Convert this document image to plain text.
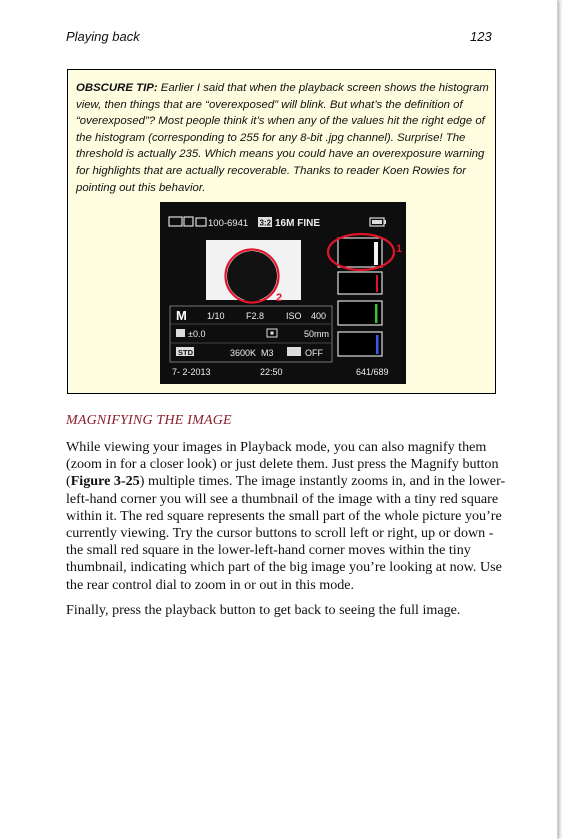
Playing back	123

OBSCURE TIP: Earlier I said that when the playback screen shows the histogram view, then things that are “overexposed” will blink. But what’s the definition of “overexposed”? Most people think it’s when any of the values hit the right edge of the histogram (corresponding to 255 for any 8-bit .jpg channel). Surprise! The threshold is actually 235. Which means you could have an overexposure warning for highlights that are actually recoverable. Thanks to reader Koen Rowies for pointing out this behavior.

100-6941 3:2 16M FINE
2
1
M 1/10 F2.8 ISO 400
±0.0	50mm
STD	3600K M3	OFF
7- 2-2013	22:50	641/689
MAGNIFYING THE IMAGE

While viewing your images in Playback mode, you can also magnify them (zoom in for a closer look) or just delete them. Just press the Magnify button (Figure 3-25) multiple times. The image instantly zooms in, and in the lower-left-hand corner you will see a thumbnail of the image with a tiny red square within it. The red square represents the small part of the whole picture you’re currently viewing. Try the cursor buttons to scroll left or right, up or down - the small red square in the lower-left-hand corner moves within the tiny thumbnail, indicating which part of the big image you’re looking at now. Use the rear control dial to zoom in or out in this mode.

Finally, press the playback button to get back to seeing the full image.
